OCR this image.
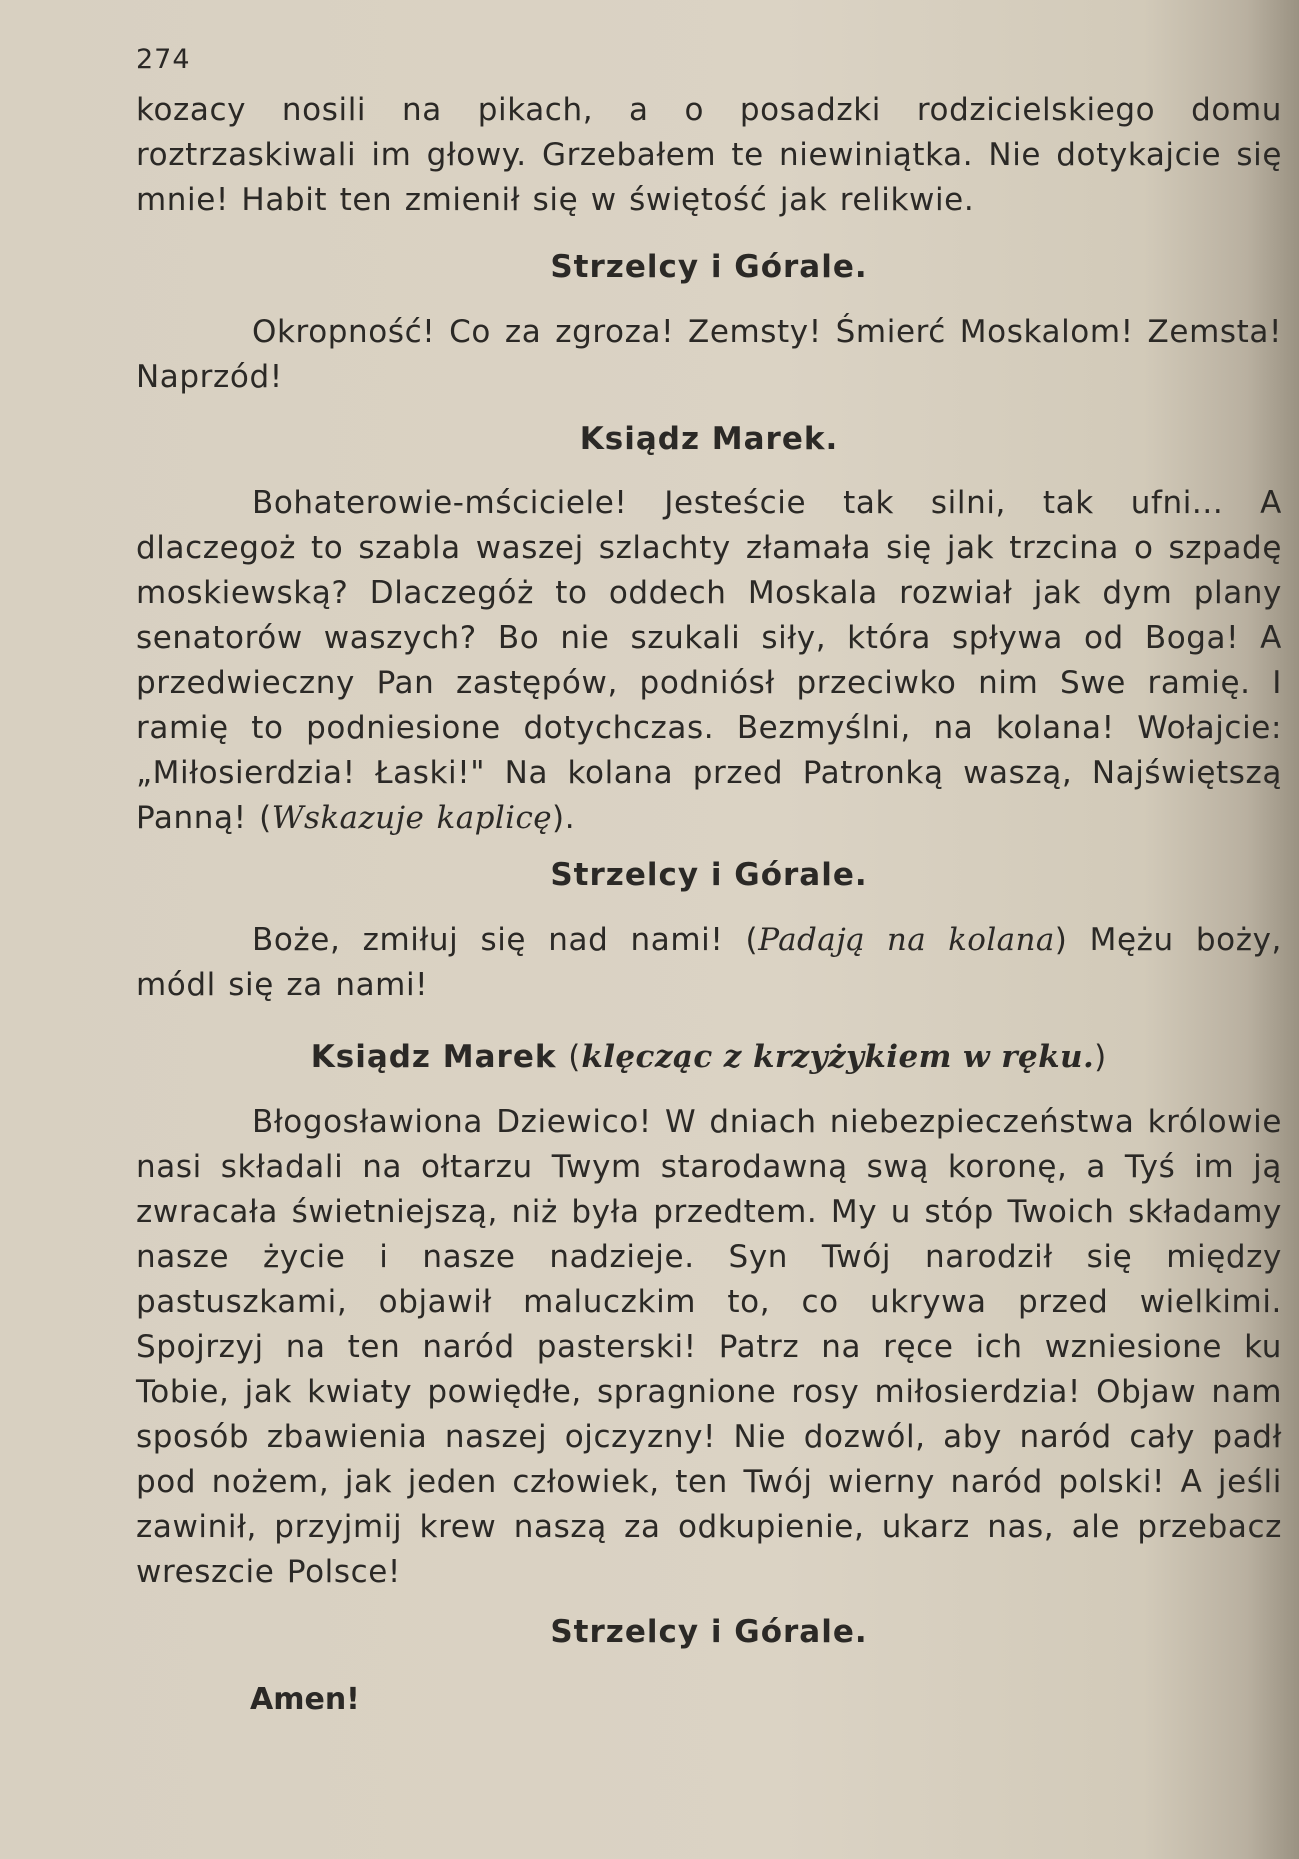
274

kozacy nosili na pikach, a o posadzki rodzicielskiego domu roztrzaskiwali im głowy. Grzebałem te niewiniątka. Nie dotykajcie się mnie! Habit ten zmienił się w świętość jak relikwie.

Strzelcy i Górale.

Okropność! Co za zgroza! Zemsty! Śmierć Moskalom! Zemsta! Naprzód!

Ksiądz Marek.

Bohaterowie-mściciele! Jesteście tak silni, tak ufni... A dlaczegoż to szabla waszej szlachty złamała się jak trzcina o szpadę moskiewską? Dlaczegóż to oddech Moskala rozwiał jak dym plany senatorów waszych? Bo nie szukali siły, która spływa od Boga! A przedwieczny Pan zastępów, podniósł przeciwko nim Swe ramię. I ramię to podniesione dotychczas. Bezmyślni, na kolana! Wołajcie: „Miłosierdzia! Łaski!" Na kolana przed Patronką waszą, Najświętszą Panną! (Wskazuje kaplicę).

Strzelcy i Górale.

Boże, zmiłuj się nad nami! (Padają na kolana) Mężu boży, módl się za nami!

Ksiądz Marek (klęcząc z krzyżykiem w ręku.)

Błogosławiona Dziewico! W dniach niebezpieczeństwa królowie nasi składali na ołtarzu Twym starodawną swą koronę, a Tyś im ją zwracała świetniejszą, niż była przedtem. My u stóp Twoich składamy nasze życie i nasze nadzieje. Syn Twój narodził się między pastuszkami, objawił maluczkim to, co ukrywa przed wielkimi. Spojrzyj na ten naród pasterski! Patrz na ręce ich wzniesione ku Tobie, jak kwiaty powiędłe, spragnione rosy miłosierdzia! Objaw nam sposób zbawienia naszej ojczyzny! Nie dozwól, aby naród cały padł pod nożem, jak jeden człowiek, ten Twój wierny naród polski! A jeśli zawinił, przyjmij krew naszą za odkupienie, ukarz nas, ale przebacz wreszcie Polsce!

Strzelcy i Górale.
Amen!
